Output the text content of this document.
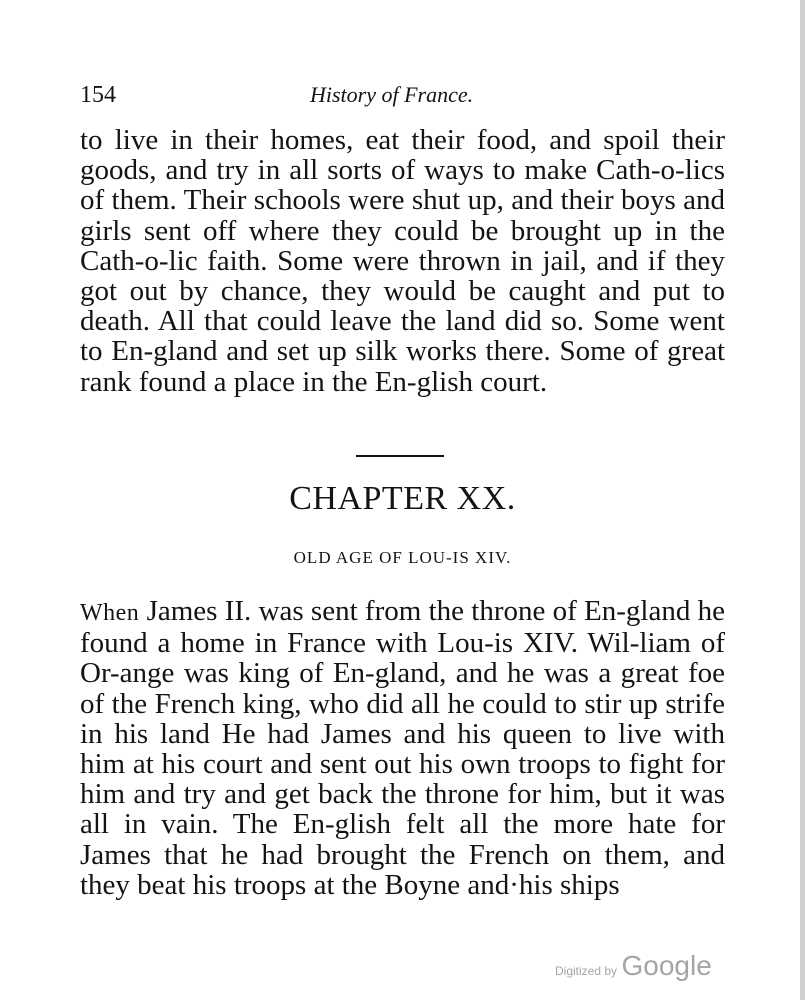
154	History of France.

to live in their homes, eat their food, and spoil their goods, and try in all sorts of ways to make Cath-o-lics of them. Their schools were shut up, and their boys and girls sent off where they could be brought up in the Cath-o-lic faith. Some were thrown in jail, and if they got out by chance, they would be caught and put to death. All that could leave the land did so. Some went to En-gland and set up silk works there. Some of great rank found a place in the En-glish court.

CHAPTER XX.
OLD AGE OF LOU-IS XIV.

When James II. was sent from the throne of En-gland he found a home in France with Lou-is XIV. Wil-liam of Or-ange was king of En-gland, and he was a great foe of the French king, who did all he could to stir up strife in his land He had James and his queen to live with him at his court and sent out his own troops to fight for him and try and get back the throne for him, but it was all in vain. The En-glish felt all the more hate for James that he had brought the French on them, and they beat his troops at the Boyne and·his ships

Digitized by Google
